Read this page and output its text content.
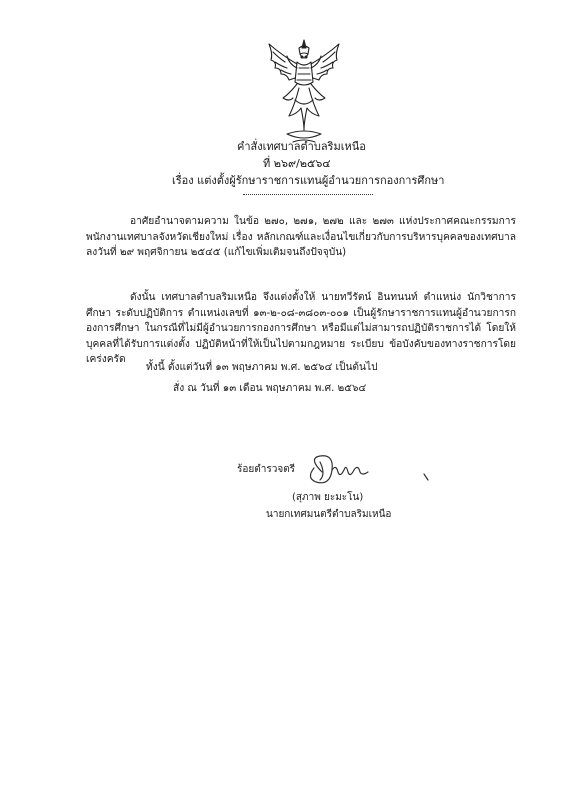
คำสั่งเทศบาลตำบลริมเหนือ
ที่ ๒๖๙/๒๕๖๔
เรื่อง แต่งตั้งผู้รักษาราชการแทนผู้อำนวยการกองการศึกษา
อาศัยอำนาจตามความ ในข้อ ๒๗๐, ๒๗๑, ๒๗๒ และ ๒๗๓ แห่งประกาศคณะกรรมการพนักงานเทศบาลจังหวัดเชียงใหม่ เรื่อง หลักเกณฑ์และเงื่อนไขเกี่ยวกับการบริหารบุคคลของเทศบาล ลงวันที่ ๒๙ พฤศจิกายน ๒๕๔๕ (แก้ไขเพิ่มเติมจนถึงปัจจุบัน)
ดังนั้น เทศบาลตำบลริมเหนือ จึงแต่งตั้งให้ นายทวีรัตน์ อินทนนท์ ตำแหน่ง นักวิชาการศึกษา ระดับปฏิบัติการ ตำแหน่งเลขที่ ๑๓-๒-๐๘-๓๘๐๓-๐๐๑ เป็นผู้รักษาราชการแทนผู้อำนวยการกองการศึกษา ในกรณีที่ไม่มีผู้อำนวยการกองการศึกษา หรือมีแต่ไม่สามารถปฏิบัติราชการได้ โดยให้บุคคลที่ได้รับการแต่งตั้ง ปฏิบัติหน้าที่ให้เป็นไปตามกฎหมาย ระเบียบ ข้อบังคับของทางราชการโดยเคร่งครัด
ทั้งนี้ ตั้งแต่วันที่ ๑๓ พฤษภาคม พ.ศ. ๒๕๖๔ เป็นต้นไป
สั่ง ณ วันที่ ๑๓ เดือน พฤษภาคม พ.ศ. ๒๕๖๔
ร้อยตำรวจตรี
(สุภาพ ยะมะโน)
นายกเทศมนตรีตำบลริมเหนือ
